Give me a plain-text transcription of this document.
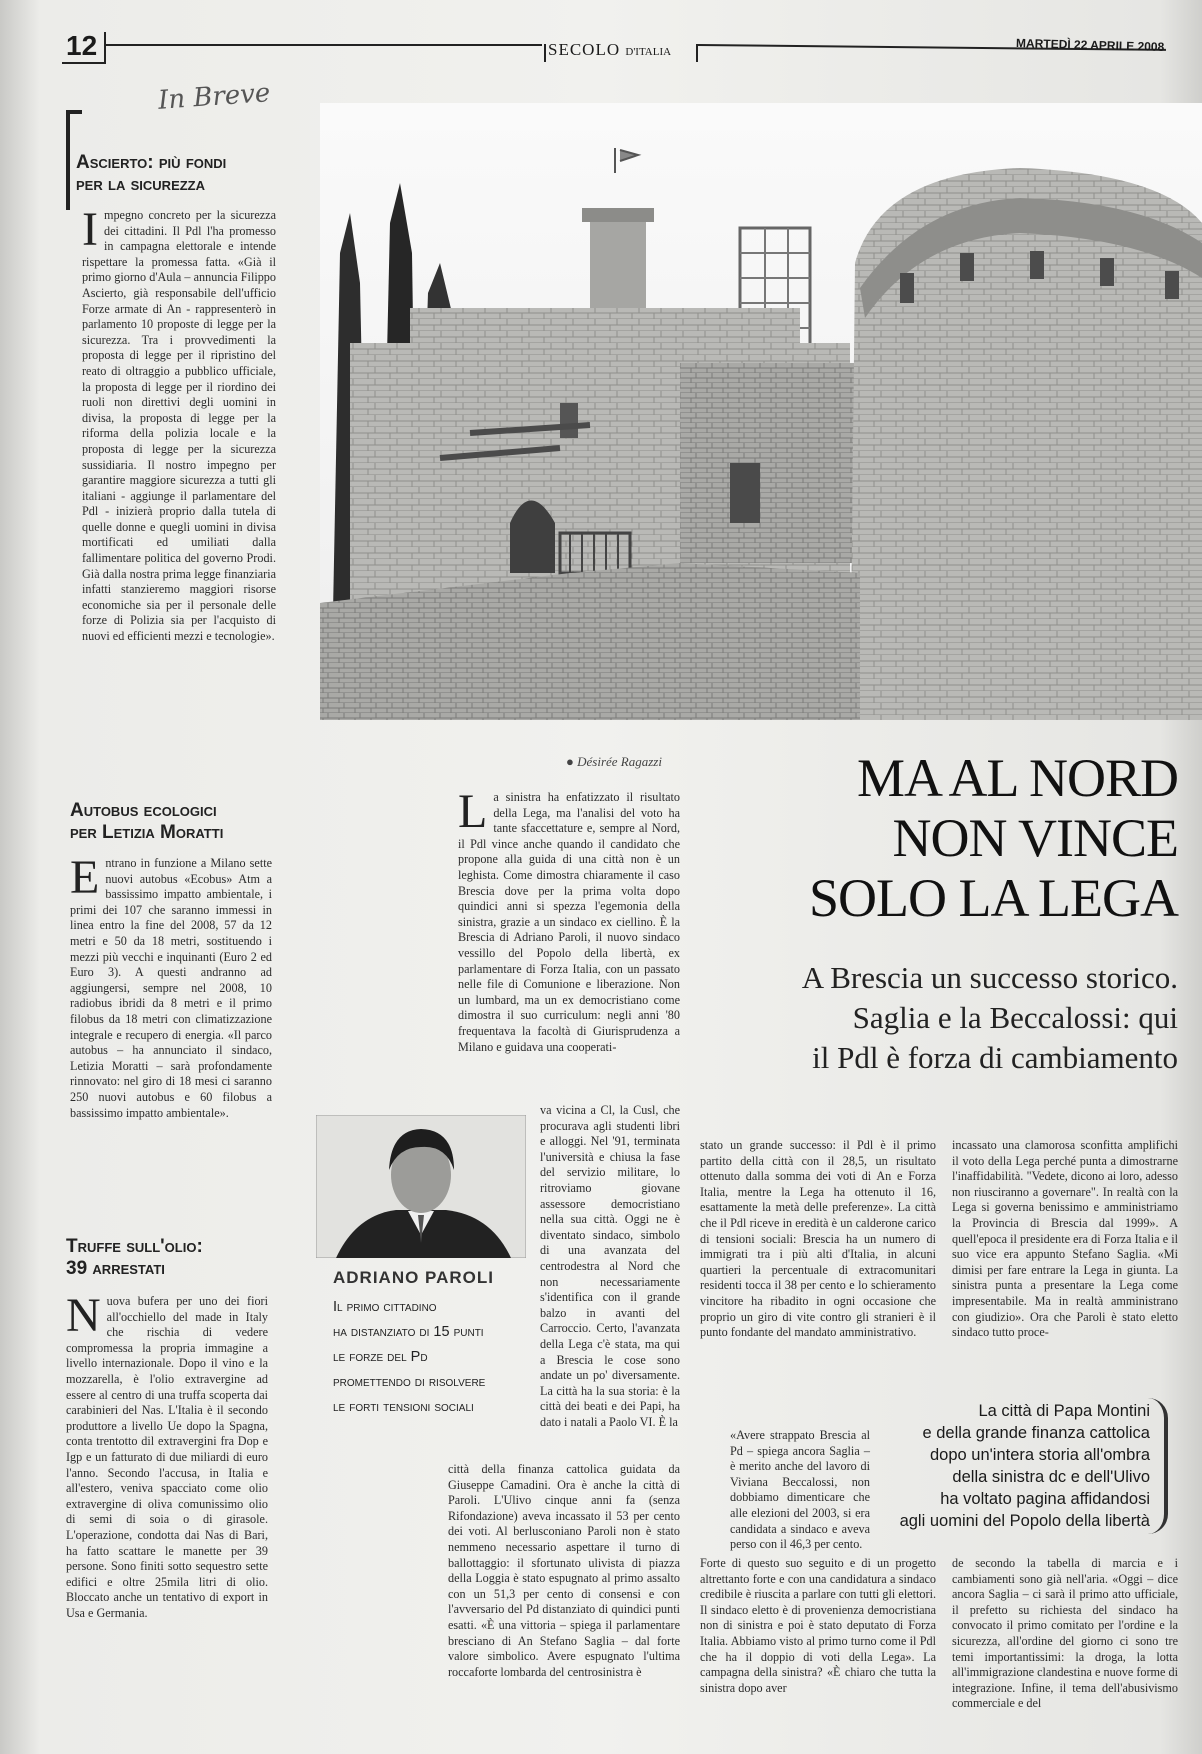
12	SECOLO D'ITALIA	MARTEDÌ 22 APRILE 2008
In Breve
Ascierto: più fondi
per la sicurezza
Impegno concreto per la sicurezza dei cittadini. Il Pdl l'ha promesso in campagna elettorale e intende rispettare la promessa fatta. «Già il primo giorno d'Aula – annuncia Filippo Ascierto, già responsabile dell'ufficio Forze armate di An - rappresenterò in parlamento 10 proposte di legge per la sicurezza. Tra i provvedimenti la proposta di legge per il ripristino del reato di oltraggio a pubblico ufficiale, la proposta di legge per il riordino dei ruoli non direttivi degli uomini in divisa, la proposta di legge per la riforma della polizia locale e la proposta di legge per la sicurezza sussidiaria. Il nostro impegno per garantire maggiore sicurezza a tutti gli italiani - aggiunge il parlamentare del Pdl - inizierà proprio dalla tutela di quelle donne e quegli uomini in divisa mortificati ed umiliati dalla fallimentare politica del governo Prodi. Già dalla nostra prima legge finanziaria infatti stanzieremo maggiori risorse economiche sia per il personale delle forze di Polizia sia per l'acquisto di nuovi ed efficienti mezzi e tecnologie».
Autobus ecologici
per Letizia Moratti
Entrano in funzione a Milano sette nuovi autobus «Ecobus» Atm a bassissimo impatto ambientale, i primi dei 107 che saranno immessi in linea entro la fine del 2008, 57 da 12 metri e 50 da 18 metri, sostituendo i mezzi più vecchi e inquinanti (Euro 2 ed Euro 3). A questi andranno ad aggiungersi, sempre nel 2008, 10 radiobus ibridi da 8 metri e il primo filobus da 18 metri con climatizzazione integrale e recupero di energia. «Il parco autobus – ha annunciato il sindaco, Letizia Moratti – sarà profondamente rinnovato: nel giro di 18 mesi ci saranno 250 nuovi autobus e 60 filobus a bassissimo impatto ambientale».
Truffe sull'olio:
39 arrestati
Nuova bufera per uno dei fiori all'occhiello del made in Italy che rischia di vedere compromessa la propria immagine a livello internazionale. Dopo il vino e la mozzarella, è l'olio extravergine ad essere al centro di una truffa scoperta dai carabinieri del Nas. L'Italia è il secondo produttore a livello Ue dopo la Spagna, conta trentotto dil extravergini fra Dop e Igp e un fatturato di due miliardi di euro l'anno. Secondo l'accusa, in Italia e all'estero, veniva spacciato come olio extravergine di oliva comunissimo olio di semi di soia o di girasole. L'operazione, condotta dai Nas di Bari, ha fatto scattare le manette per 39 persone. Sono finiti sotto sequestro sette edifici e oltre 25mila litri di olio. Bloccato anche un tentativo di export in Usa e Germania.
● Désirée Ragazzi	MA AL NORD
NON VINCE
SOLO LA LEGA
A Brescia un successo storico.
Saglia e la Beccalossi: qui
il Pdl è forza di cambiamento
La sinistra ha enfatizzato il risultato della Lega, ma l'analisi del voto ha tante sfaccettature e, sempre al Nord, il Pdl vince anche quando il candidato che propone alla guida di una città non è un leghista. Come dimostra chiaramente il caso Brescia dove per la prima volta dopo quindici anni si spezza l'egemonia della sinistra, grazie a un sindaco ex ciellino. È la Brescia di Adriano Paroli, il nuovo sindaco vessillo del Popolo della libertà, ex parlamentare di Forza Italia, con un passato nelle file di Comunione e liberazione. Non un lumbard, ma un ex democristiano come dimostra il suo curriculum: negli anni '80 frequentava la facoltà di Giurisprudenza a Milano e guidava una cooperati-
va vicina a Cl, la Cusl, che procurava agli studenti libri e alloggi. Nel '91, terminata l'università e chiusa la fase del servizio militare, lo ritroviamo giovane assessore democristiano nella sua città. Oggi ne è diventato sindaco, simbolo di una avanzata del centrodestra al Nord che non necessariamente s'identifica con il grande balzo in avanti del Carroccio. Certo, l'avanzata della Lega c'è stata, ma qui a Brescia le cose sono andate un po' diversamente. La città ha la sua storia: è la città dei beati e dei Papi, ha dato i natali a Paolo VI. È la
città della finanza cattolica guidata da Giuseppe Camadini. Ora è anche la città di Paroli. L'Ulivo cinque anni fa (senza Rifondazione) aveva incassato il 53 per cento dei voti. Al berlusconiano Paroli non è stato nemmeno necessario aspettare il turno di ballottaggio: il sfortunato ulivista di piazza della Loggia è stato espugnato al primo assalto con un 51,3 per cento di consensi e con l'avversario del Pd distanziato di quindici punti esatti. «È una vittoria – spiega il parlamentare bresciano di An Stefano Saglia – dal forte valore simbolico. Avere espugnato l'ultima roccaforte lombarda del centrosinistra è
ADRIANO PAROLI
Il primo cittadino
ha distanziato di 15 punti
le forze del Pd
promettendo di risolvere
le forti tensioni sociali
stato un grande successo: il Pdl è il primo partito della città con il 28,5, un risultato ottenuto dalla somma dei voti di An e Forza Italia, mentre la Lega ha ottenuto il 16, esattamente la metà delle preferenze». La città che il Pdl riceve in eredità è un calderone carico di tensioni sociali: Brescia ha un numero di immigrati tra i più alti d'Italia, in alcuni quartieri la percentuale di extracomunitari residenti tocca il 38 per cento e lo schieramento vincitore ha ribadito in ogni occasione che proprio un giro di vite contro gli stranieri è il punto fondante del mandato amministrativo.
«Avere strappato Brescia al Pd – spiega ancora Saglia – è merito anche del lavoro di Viviana Beccalossi, non dobbiamo dimenticare che alle elezioni del 2003, si era candidata a sindaco e aveva perso con il 46,3 per cento.
Forte di questo suo seguito e di un progetto altrettanto forte e con una candidatura a sindaco credibile è riuscita a parlare con tutti gli elettori. Il sindaco eletto è di provenienza democristiana non di sinistra e poi è stato deputato di Forza Italia. Abbiamo visto al primo turno come il Pdl che ha il doppio di voti della Lega». La campagna della sinistra? «È chiaro che tutta la sinistra dopo aver
incassato una clamorosa sconfitta amplifichi il voto della Lega perché punta a dimostrarne l'inaffidabilità. "Vedete, dicono ai loro, adesso non riusciranno a governare". In realtà con la Lega si governa benissimo e amministriamo la Provincia di Brescia dal 1999». A quell'epoca il presidente era di Forza Italia e il suo vice era appunto Stefano Saglia. «Mi dimisi per fare entrare la Lega in giunta. La sinistra punta a presentare la Lega come impresentabile. Ma in realtà amministrano con giudizio». Ora che Paroli è stato eletto sindaco tutto proce-
de secondo la tabella di marcia e i cambiamenti sono già nell'aria. «Oggi – dice ancora Saglia – ci sarà il primo atto ufficiale, il prefetto su richiesta del sindaco ha convocato il primo comitato per l'ordine e la sicurezza, all'ordine del giorno ci sono tre temi importantissimi: la droga, la lotta all'immigrazione clandestina e nuove forme di integrazione. Infine, il tema dell'abusivismo commerciale e del
La città di Papa Montini
e della grande finanza cattolica
dopo un'intera storia all'ombra
della sinistra dc e dell'Ulivo
ha voltato pagina affidandosi
agli uomini del Popolo della libertà
